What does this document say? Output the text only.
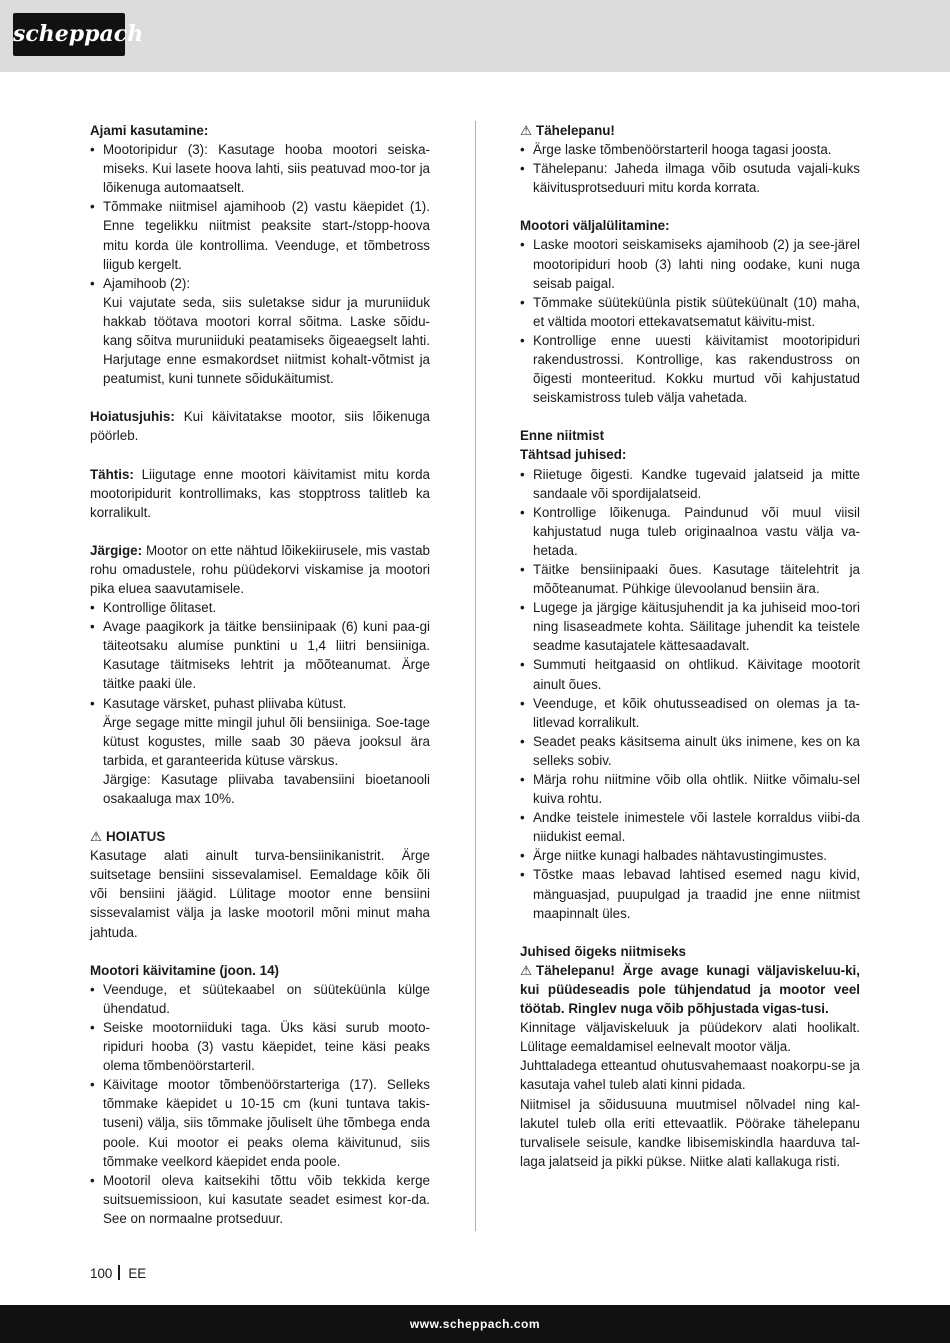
scheppach

Ajami kasutamine:

• Mootoripidur (3): Kasutage hooba mootori seiska-miseks. Kui lasete hoova lahti, siis peatuvad moo-tor ja lõikenuga automaatselt.
• Tõmmake niitmisel ajamihoob (2) vastu käepidet (1). Enne tegelikku niitmist peaksite start-/stopp-hoova mitu korda üle kontrollima. Veenduge, et tõmbetross liigub kergelt.
• Ajamihoob (2):

Kui vajutate seda, siis suletakse sidur ja muruniiduk hakkab töötava mootori korral sõitma. Laske sõidu-kang sõitva muruniiduki peatamiseks õigeaegselt lahti. Harjutage enne esmakordset niitmist kohalt-võtmist ja peatumist, kuni tunnete sõidukäitumist.

Hoiatusjuhis: Kui käivitatakse mootor, siis lõikenuga pöörleb.

Tähtis: Liigutage enne mootori käivitamist mitu korda mootoripidurit kontrollimaks, kas stopptross talitleb ka korralikult.

Järgige: Mootor on ette nähtud lõikekiirusele, mis vastab rohu omadustele, rohu püüdekorvi viskamise ja mootori pika eluea saavutamisele.

• Kontrollige õlitaset.
• Avage paagikork ja täitke bensiinipaak (6) kuni paa-gi täiteotsaku alumise punktini u 1,4 liitri bensiiniga. Kasutage täitmiseks lehtrit ja mõõteanumat. Ärge täitke paaki üle.
• Kasutage värsket, puhast pliivaba kütust.

Ärge segage mitte mingil juhul õli bensiiniga. Soe-tage kütust kogustes, mille saab 30 päeva jooksul ära tarbida, et garanteerida kütuse värskus.

Järgige: Kasutage pliivaba tavabensiini bioetanooli osakaaluga max 10%.

⚠ HOIATUS

Kasutage alati ainult turva-bensiinikanistrit. Ärge suitsetage bensiini sissevalamisel. Eemaldage kõik õli või bensiini jäägid. Lülitage mootor enne bensiini sissevalamist välja ja laske mootoril mõni minut maha jahtuda.

Mootori käivitamine (joon. 14)

• Veenduge, et süütekaabel on süüteküünla külge ühendatud.
• Seiske mootorniiduki taga. Üks käsi surub mooto-ripiduri hooba (3) vastu käepidet, teine käsi peaks olema tõmbenöörstarteril.
• Käivitage mootor tõmbenöörstarteriga (17). Selleks tõmmake käepidet u 10-15 cm (kuni tuntava takis-tuseni) välja, siis tõmmake jõuliselt ühe tõmbega enda poole. Kui mootor ei peaks olema käivitunud, siis tõmmake veelkord käepidet enda poole.
• Mootoril oleva kaitsekihi tõttu võib tekkida kerge suitsuemissioon, kui kasutate seadet esimest kor-da. See on normaalne protseduur.

⚠ Tähelepanu!

• Ärge laske tõmbenöörstarteril hooga tagasi joosta.
• Tähelepanu: Jaheda ilmaga võib osutuda vajali-kuks käivitusprotseduuri mitu korda korrata.

Mootori väljalülitamine:

• Laske mootori seiskamiseks ajamihoob (2) ja see-järel mootoripiduri hoob (3) lahti ning oodake, kuni nuga seisab paigal.
• Tõmmake süüteküünla pistik süüteküünalt (10) maha, et vältida mootori ettekavatsematut käivitu-mist.
• Kontrollige enne uuesti käivitamist mootoripiduri rakendustrossi. Kontrollige, kas rakendustross on õigesti monteeritud. Kokku murtud või kahjustatud seiskamistross tuleb välja vahetada.

Enne niitmist

Tähtsad juhised:

• Riietuge õigesti. Kandke tugevaid jalatseid ja mitte sandaale või spordijalatseid.
• Kontrollige lõikenuga. Paindunud või muul viisil kahjustatud nuga tuleb originaalnoa vastu välja va-hetada.
• Täitke bensiinipaaki õues. Kasutage täitelehtrit ja mõõteanumat. Pühkige ülevoolanud bensiin ära.
• Lugege ja järgige käitusjuhendit ja ka juhiseid moo-tori ning lisaseadmete kohta. Säilitage juhendit ka teistele seadme kasutajatele kättesaadavalt.
• Summuti heitgaasid on ohtlikud. Käivitage mootorit ainult õues.
• Veenduge, et kõik ohutusseadised on olemas ja ta-litlevad korralikult.
• Seadet peaks käsitsema ainult üks inimene, kes on ka selleks sobiv.
• Märja rohu niitmine võib olla ohtlik. Niitke võimalu-sel kuiva rohtu.
• Andke teistele inimestele või lastele korraldus viibi-da niidukist eemal.
• Ärge niitke kunagi halbades nähtavustingimustes.
• Tõstke maas lebavad lahtised esemed nagu kivid, mänguasjad, puupulgad ja traadid jne enne niitmist maapinnalt üles.

Juhised õigeks niitmiseks

⚠ Tähelepanu! Ärge avage kunagi väljaviskeluu-ki, kui püüdeseadis pole tühjendatud ja mootor veel töötab. Ringlev nuga võib põhjustada vigas-tusi.

Kinnitage väljaviskeluuk ja püüdekorv alati hoolikalt. Lülitage eemaldamisel eelnevalt mootor välja.

Juhttaladega etteantud ohutusvahemaast noakorpu-se ja kasutaja vahel tuleb alati kinni pidada.

Niitmisel ja sõidusuuna muutmisel nõlvadel ning kal-lakutel tuleb olla eriti ettevaatlik. Pöörake tähelepanu turvalisele seisule, kandke libisemiskindla haarduva tal-laga jalatseid ja pikki pükse. Niitke alati kallakuga risti.

100 EE
www.scheppach.com
